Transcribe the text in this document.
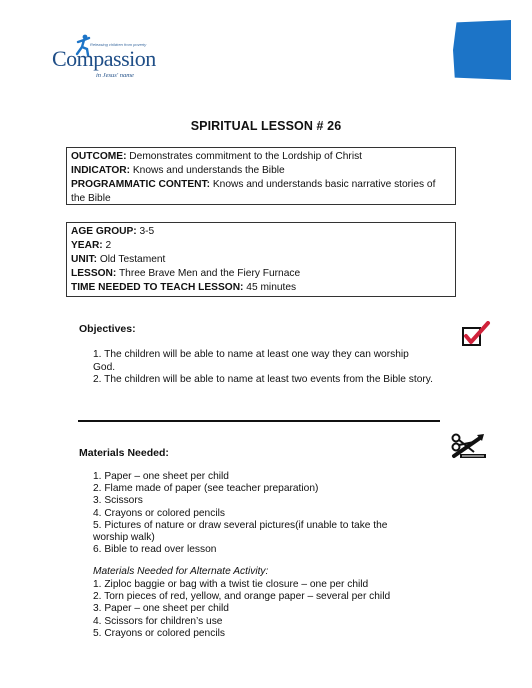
Releasing children from poverty
Compassion
in Jesus' name
SPIRITUAL LESSON # 26
OUTCOME: Demonstrates commitment to the Lordship of Christ
INDICATOR: Knows and understands the Bible
PROGRAMMATIC CONTENT: Knows and understands basic narrative stories of the Bible
AGE GROUP: 3-5
YEAR: 2
UNIT: Old Testament
LESSON: Three Brave Men and the Fiery Furnace
TIME NEEDED TO TEACH LESSON: 45 minutes
Objectives:
1. The children will be able to name at least one way they can worship God.
2. The children will be able to name at least two events from the Bible story.
Materials Needed:
1. Paper – one sheet per child
2. Flame made of paper (see teacher preparation)
3. Scissors
4. Crayons or colored pencils
5. Pictures of nature or draw several pictures(if unable to take the worship walk)
6. Bible to read over lesson
Materials Needed for Alternate Activity:
1. Ziploc baggie or bag with a twist tie closure – one per child
2. Torn pieces of red, yellow, and orange paper – several per child
3. Paper – one sheet per child
4. Scissors for children’s use
5. Crayons or colored pencils
